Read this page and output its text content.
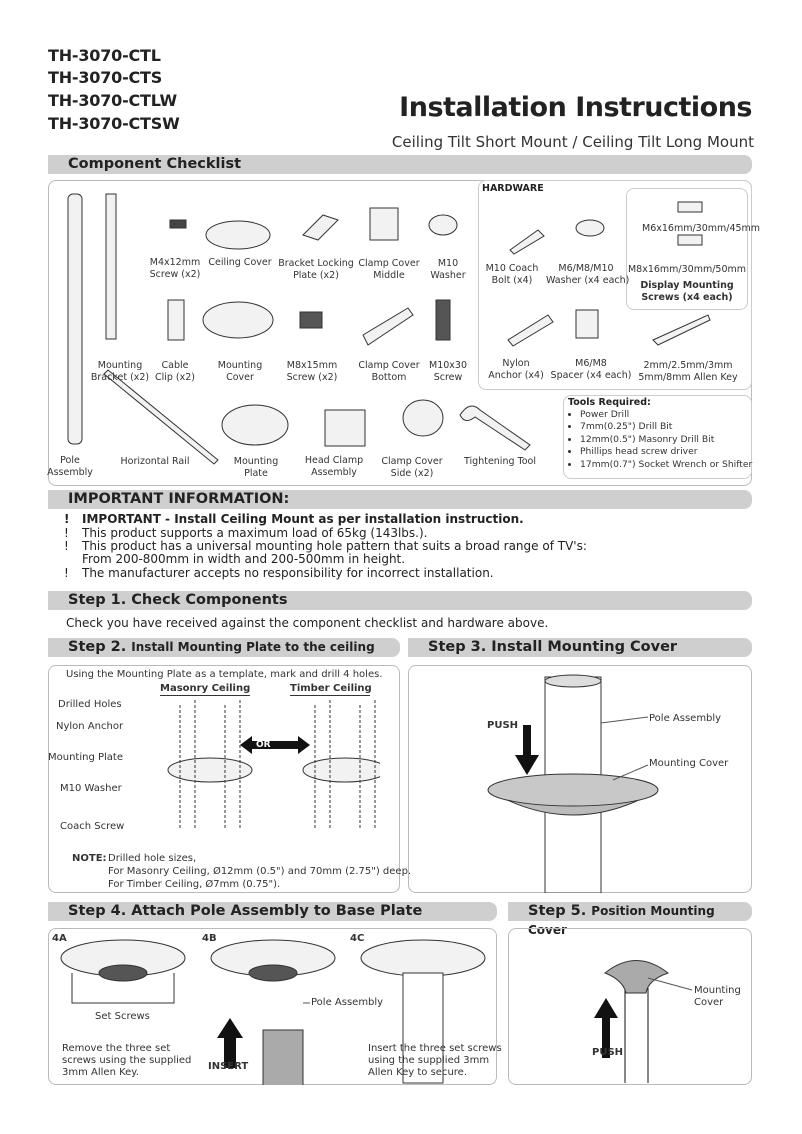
TH-3070-CTL
TH-3070-CTS
TH-3070-CTLW
TH-3070-CTSW
Installation Instructions
Ceiling Tilt Short Mount / Ceiling Tilt Long Mount
Component Checklist
Pole
Assembly
Mounting
Bracket (x2)
Horizontal Rail
M4x12mm
Screw (x2)
Ceiling Cover Bracket Locking
Plate (x2)
Clamp Cover
Middle
M10
Washer
Cable
Clip (x2)
Mounting
Cover
M8x15mm
Screw (x2)
Clamp Cover
Bottom
M10x30
Screw
Mounting
Plate
Head Clamp
Assembly
Clamp Cover
Side (x2)
Tightening Tool
HARDWARE
M6x16mm/30mm/45mm
M8x16mm/30mm/50mm
Display Mounting
Screws (x4 each)
M10 Coach
Bolt (x4)
M6/M8/M10
Washer (x4 each)
Nylon
Anchor (x4)
M6/M8
Spacer (x4 each)
2mm/2.5mm/3mm
5mm/8mm Allen Key
Tools Required:
• Power Drill
• 7mm(0.25") Drill Bit
• 12mm(0.5") Masonry Drill Bit
• Phillips head screw driver
• 17mm(0.7") Socket Wrench or Shifter
IMPORTANT INFORMATION:
! IMPORTANT - Install Ceiling Mount as per installation instruction.
! This product supports a maximum load of 65kg (143lbs.).
! This product has a universal mounting hole pattern that suits a broad range of TV's:
From 200-800mm in width and 200-500mm in height.
! The manufacturer accepts no responsibility for incorrect installation.
Step 1. Check Components
Check you have received against the component checklist and hardware above.
Step 2. Install Mounting Plate to the ceiling
Using the Mounting Plate as a template, mark and drill 4 holes.
Masonry Ceiling	Timber Ceiling
Drilled Holes
Nylon Anchor
Mounting Plate
M10 Washer
Coach Screw
OR
NOTE: Drilled hole sizes,
For Masonry Ceiling, Ø12mm (0.5") and 70mm (2.75") deep.
For Timber Ceiling, Ø7mm (0.75").
Step 3. Install Mounting Cover
PUSH
Pole Assembly
Mounting Cover
Step 4. Attach Pole Assembly to Base Plate
4A	4B	4C
Set Screws
Remove the three set
screws using the supplied
3mm Allen Key.
INSERT
Pole Assembly
Insert the three set screws
using the supplied 3mm
Allen Key to secure.
Step 5. Position Mounting Cover
Mounting
Cover
PUSH
